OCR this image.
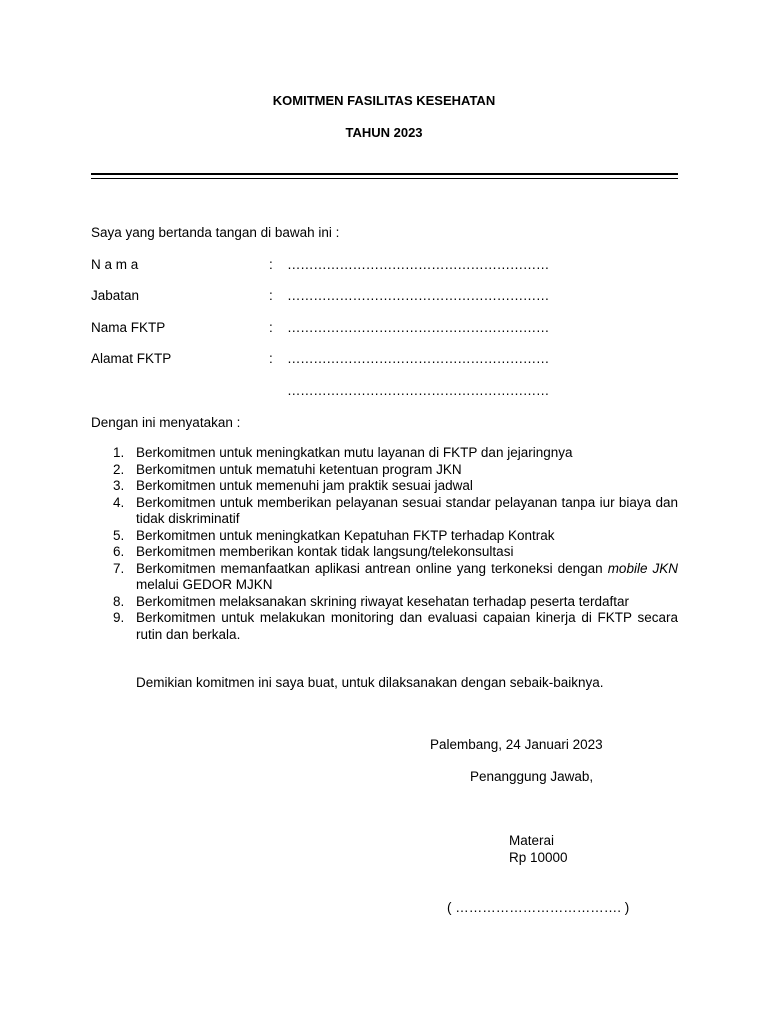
KOMITMEN FASILITAS KESEHATAN
TAHUN 2023
Saya yang bertanda tangan di bawah ini :
N a m a	: ……………………………………………………
Jabatan	: ……………………………………………………
Nama FKTP	: ……………………………………………………
Alamat FKTP	: ……………………………………………………
……………………………………………………
Dengan ini menyatakan :
1. Berkomitmen untuk meningkatkan mutu layanan di FKTP dan jejaringnya
2. Berkomitmen untuk mematuhi ketentuan program JKN
3. Berkomitmen untuk memenuhi jam praktik sesuai jadwal
4. Berkomitmen untuk memberikan pelayanan sesuai standar pelayanan tanpa iur biaya dan tidak diskriminatif
5. Berkomitmen untuk meningkatkan Kepatuhan FKTP terhadap Kontrak
6. Berkomitmen memberikan kontak tidak langsung/telekonsultasi
7. Berkomitmen memanfaatkan aplikasi antrean online yang terkoneksi dengan mobile JKN melalui GEDOR MJKN
8. Berkomitmen melaksanakan skrining riwayat kesehatan terhadap peserta terdaftar
9. Berkomitmen untuk melakukan monitoring dan evaluasi capaian kinerja di FKTP secara rutin dan berkala.
Demikian komitmen ini saya buat, untuk dilaksanakan dengan sebaik-baiknya.
Palembang, 24 Januari 2023
Penanggung Jawab,
Materai
Rp 10000
( ………………………………. )
